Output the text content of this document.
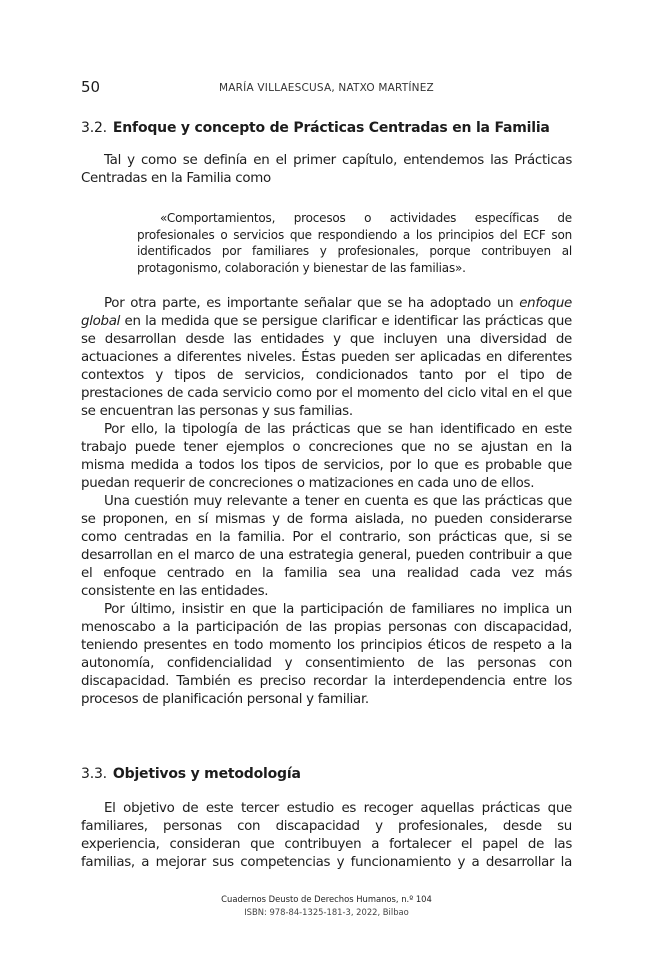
50	MARÍA VILLAESCUSA, NATXO MARTÍNEZ
3.2. Enfoque y concepto de Prácticas Centradas en la Familia

Tal y como se definía en el primer capítulo, entendemos las Prácticas Centradas en la Familia como

«Comportamientos, procesos o actividades específicas de profesionales o servicios que respondiendo a los principios del ECF son identificados por familiares y profesionales, porque contribuyen al protagonismo, colaboración y bienestar de las familias».

Por otra parte, es importante señalar que se ha adoptado un enfoque global en la medida que se persigue clarificar e identificar las prácticas que se desarrollan desde las entidades y que incluyen una diversidad de actuaciones a diferentes niveles. Éstas pueden ser aplicadas en diferentes contextos y tipos de servicios, condicionados tanto por el tipo de prestaciones de cada servicio como por el momento del ciclo vital en el que se encuentran las personas y sus familias.

Por ello, la tipología de las prácticas que se han identificado en este trabajo puede tener ejemplos o concreciones que no se ajustan en la misma medida a todos los tipos de servicios, por lo que es probable que puedan requerir de concreciones o matizaciones en cada uno de ellos.

Una cuestión muy relevante a tener en cuenta es que las prácticas que se proponen, en sí mismas y de forma aislada, no pueden considerarse como centradas en la familia. Por el contrario, son prácticas que, si se desarrollan en el marco de una estrategia general, pueden contribuir a que el enfoque centrado en la familia sea una realidad cada vez más consistente en las entidades.

Por último, insistir en que la participación de familiares no implica un menoscabo a la participación de las propias personas con discapacidad, teniendo presentes en todo momento los principios éticos de respeto a la autonomía, confidencialidad y consentimiento de las personas con discapacidad. También es preciso recordar la interdependencia entre los procesos de planificación personal y familiar.

3.3. Objetivos y metodología

El objetivo de este tercer estudio es recoger aquellas prácticas que familiares, personas con discapacidad y profesionales, desde su experiencia, consideran que contribuyen a fortalecer el papel de las familias, a mejorar sus competencias y funcionamiento y a desarrollar la

Cuadernos Deusto de Derechos Humanos, n.º 104
ISBN: 978-84-1325-181-3, 2022, Bilbao
